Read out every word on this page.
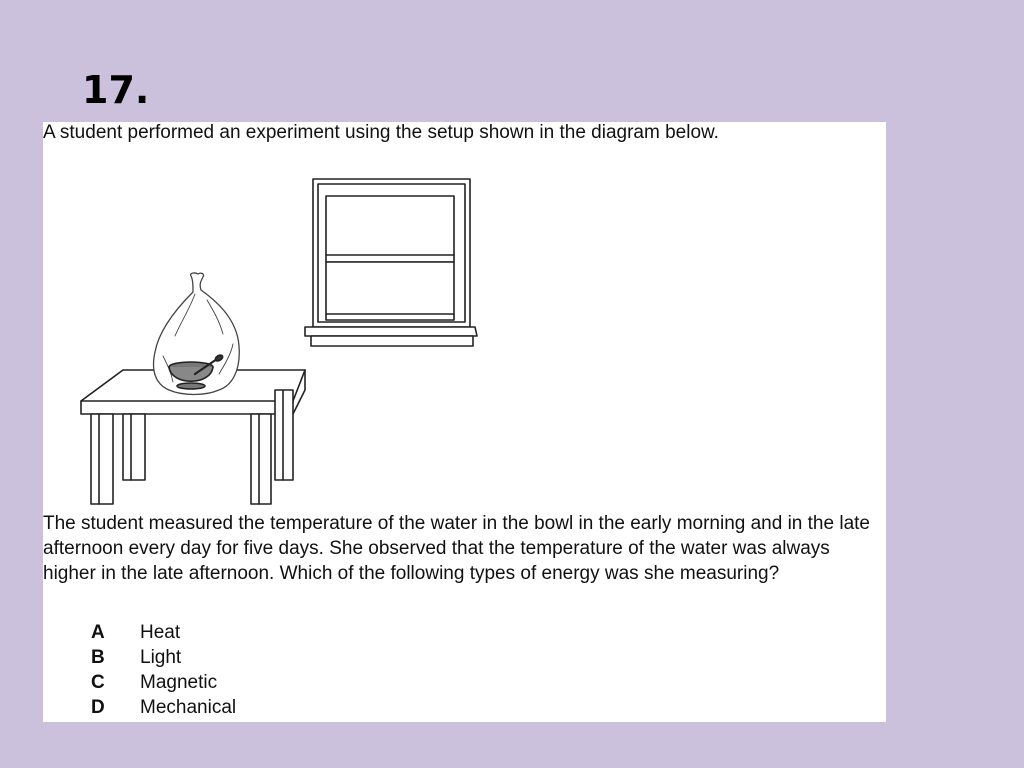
17.
A student performed an experiment using the setup shown in the diagram below.
The student measured the temperature of the water in the bowl in the early morning and in the late afternoon every day for five days. She observed that the temperature of the water was always higher in the late afternoon. Which of the following types of energy was she measuring?
A	Heat
B	Light
C	Magnetic
D	Mechanical
